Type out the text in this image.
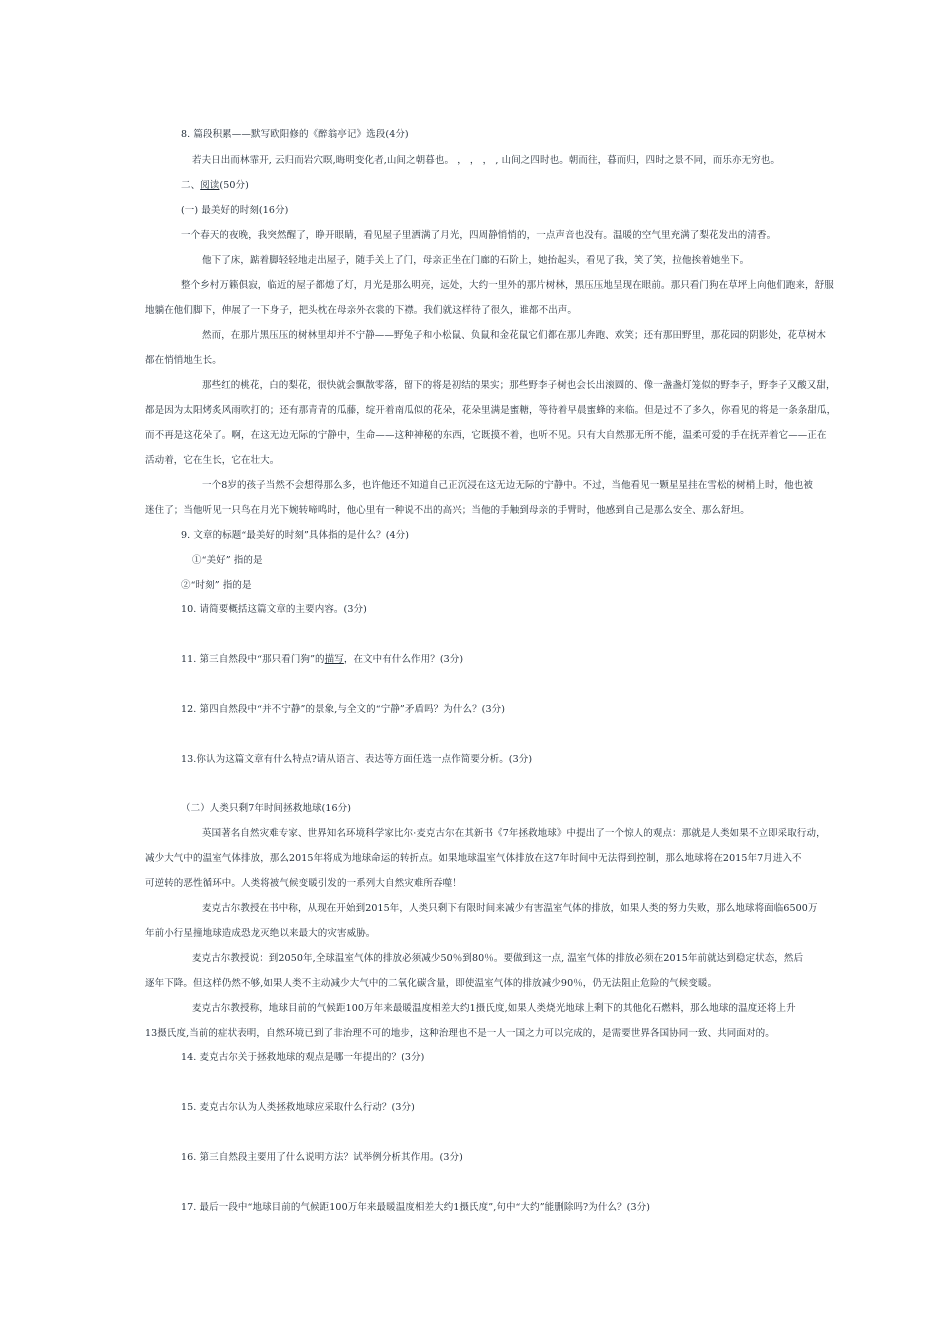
8. 篇段积累——默写欧阳修的《醉翁亭记》选段(4分)
若夫日出而林霏开, 云归而岩穴暝,晦明变化者,山间之朝暮也。 ， ， ， , 山间之四时也。朝而往，暮而归，四时之景不同，而乐亦无穷也。
二、阅读(50分)
(一) 最美好的时刻(16分)
一个春天的夜晚，我突然醒了，睁开眼睛，看见屋子里洒满了月光，四周静悄悄的，一点声音也没有。温暖的空气里充满了梨花发出的清香。
他下了床，踮着脚轻轻地走出屋子，随手关上了门，母亲正坐在门廊的石阶上，她抬起头，看见了我，笑了笑，拉他挨着她坐下。
整个乡村万籁俱寂，临近的屋子都熄了灯，月光是那么明亮，远处，大约一里外的那片树林，黑压压地呈现在眼前。那只看门狗在草坪上向他们跑来，舒服
地躺在他们脚下，伸展了一下身子，把头枕在母亲外衣裳的下襟。我们就这样待了很久，谁都不出声。
然而，在那片黑压压的树林里却并不宁静——野兔子和小松鼠、负鼠和金花鼠它们都在那儿奔跑、欢笑；还有那田野里，那花园的阴影处，花草树木
都在悄悄地生长。
那些红的桃花，白的梨花，很快就会飘散零落，留下的将是初结的果实；那些野李子树也会长出滚圆的、像一盏盏灯笼似的野李子，野李子又酸又甜，
都是因为太阳烤炙风雨吹打的；还有那青青的瓜藤，绽开着南瓜似的花朵，花朵里满是蜜糖，等待着早晨蜜蜂的来临。但是过不了多久，你看见的将是一条条甜瓜，
而不再是这花朵了。啊，在这无边无际的宁静中，生命——这种神秘的东西，它既摸不着，也听不见。只有大自然那无所不能，温柔可爱的手在抚弄着它——正在
活动着，它在生长，它在壮大。
一个8岁的孩子当然不会想得那么多，也许他还不知道自己正沉浸在这无边无际的宁静中。不过，当他看见一颗星星挂在雪松的树梢上时，他也被
迷住了；当他听见一只鸟在月光下婉转啼鸣时，他心里有一种说不出的高兴；当他的手触到母亲的手臂时，他感到自己是那么安全、那么舒坦。
9. 文章的标题“最美好的时刻”具体指的是什么？(4分)
①“美好” 指的是
②“时刻” 指的是
10. 请简要概括这篇文章的主要内容。(3分)
11. 第三自然段中“那只看门狗”的描写，在文中有什么作用？(3分)
12. 第四自然段中“并不宁静”的景象,与全文的“宁静”矛盾吗？为什么？(3分)
13.你认为这篇文章有什么特点?请从语言、表达等方面任选一点作简要分析。(3分)
（二）人类只剩7年时间拯救地球(16分)
英国著名自然灾难专家、世界知名环境科学家比尔·麦克古尔在其新书《7年拯救地球》中提出了一个惊人的观点：那就是人类如果不立即采取行动，
减少大气中的温室气体排放，那么2015年将成为地球命运的转折点。如果地球温室气体排放在这7年时间中无法得到控制，那么地球将在2015年7月进入不
可逆转的恶性循环中。人类将被气候变暖引发的一系列大自然灾难所吞噬！
麦克古尔教授在书中称，从现在开始到2015年，人类只剩下有限时间来减少有害温室气体的排放，如果人类的努力失败，那么地球将面临6500万
年前小行星撞地球造成恐龙灭绝以来最大的灾害威胁。
麦克古尔教授说：到2050年,全球温室气体的排放必须减少50％到80％。要做到这一点, 温室气体的排放必须在2015年前就达到稳定状态，然后
逐年下降。但这样仍然不够,如果人类不主动减少大气中的二氧化碳含量，即使温室气体的排放减少90％，仍无法阻止危险的气候变暖。
麦克古尔教授称，地球目前的气候距100万年来最暖温度相差大约1摄氏度,如果人类烧光地球上剩下的其他化石燃料，那么地球的温度还将上升
13摄氏度,当前的症状表明，自然环境已到了非治理不可的地步，这种治理也不是一人一国之力可以完成的，是需要世界各国协同一致、共同面对的。
14. 麦克古尔关于拯救地球的观点是哪一年提出的？(3分)
15. 麦克古尔认为人类拯救地球应采取什么行动？(3分)
16. 第三自然段主要用了什么说明方法？试举例分析其作用。(3分)
17. 最后一段中“地球目前的气候距100万年来最暖温度相差大约1摄氏度”,句中“大约”能删除吗?为什么？(3分)
